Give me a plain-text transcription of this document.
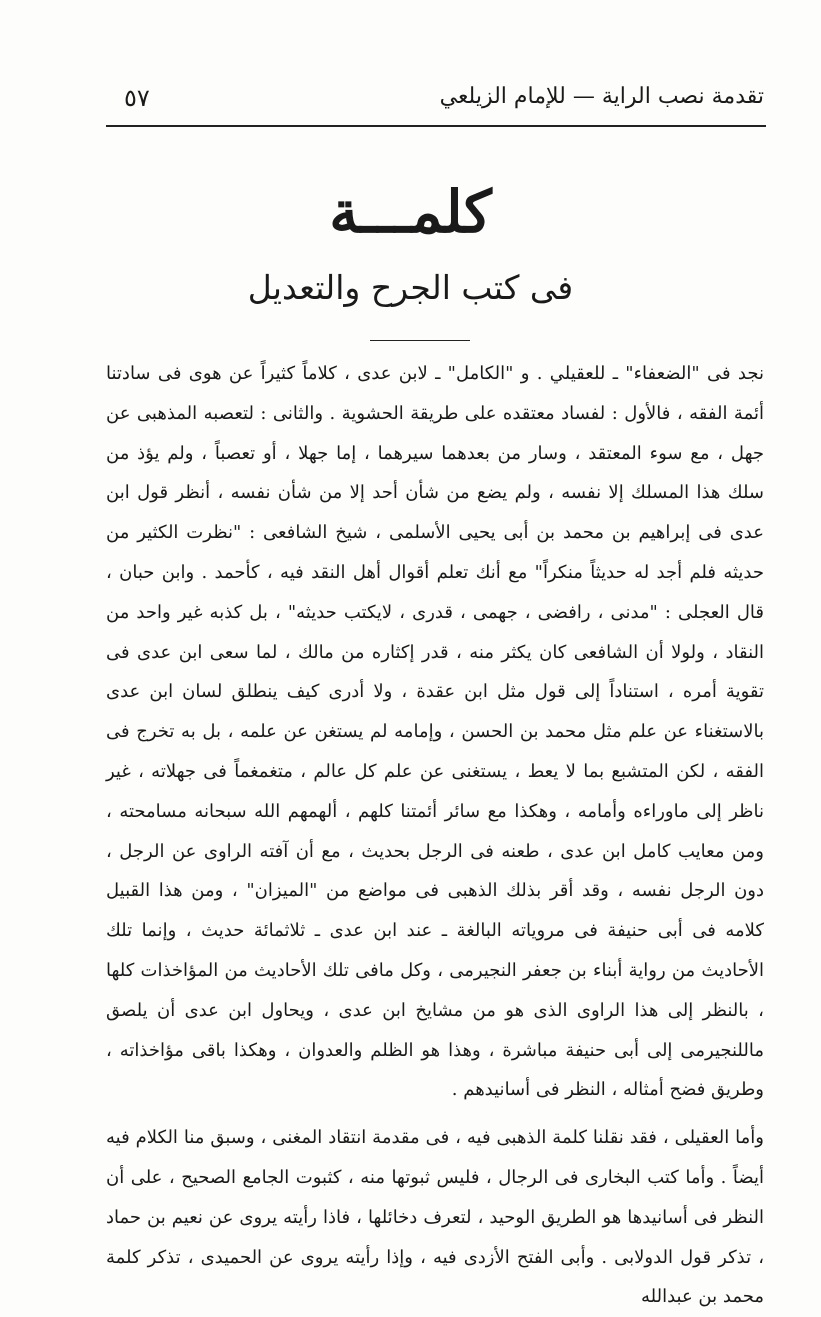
تقدمة نصب الراية — للإمام الزيلعي
٥٧
كلمـــة
فى كتب الجرح والتعديل

نجد فى "الضعفاء" ـ للعقيلي . و "الكامل" ـ لابن عدى ، كلاماً كثيراً عن هوى فى سادتنا أئمة الفقه ، فالأول : لفساد معتقده على طريقة الحشوية . والثانى : لتعصبه المذهبى عن جهل ، مع سوء المعتقد ، وسار من بعدهما سيرهما ، إما جهلا ، أو تعصباً ، ولم يؤذ من سلك هذا المسلك إلا نفسه ، ولم يضع من شأن أحد إلا من شأن نفسه ، أنظر قول ابن عدى فى إبراهيم بن محمد بن أبى يحيى الأسلمى ، شيخ الشافعى : "نظرت الكثير من حديثه فلم أجد له حديثاً منكراً" مع أنك تعلم أقوال أهل النقد فيه ، كأحمد . وابن حبان ، قال العجلى : "مدنى ، رافضى ، جهمى ، قدرى ، لايكتب حديثه" ، بل كذبه غير واحد من النقاد ، ولولا أن الشافعى كان يكثر منه ، قدر إكثاره من مالك ، لما سعى ابن عدى فى تقوية أمره ، استناداً إلى قول مثل ابن عقدة ، ولا أدرى كيف ينطلق لسان ابن عدى بالاستغناء عن علم مثل محمد بن الحسن ، وإمامه لم يستغن عن علمه ، بل به تخرج فى الفقه ، لكن المتشبع بما لا يعط ، يستغنى عن علم كل عالم ، متغمغماً فى جهلاته ، غير ناظر إلى ماوراءه وأمامه ، وهكذا مع سائر أئمتنا كلهم ، ألهمهم الله سبحانه مسامحته ، ومن معايب كامل ابن عدى ، طعنه فى الرجل بحديث ، مع أن آفته الراوى عن الرجل ، دون الرجل نفسه ، وقد أقر بذلك الذهبى فى مواضع من "الميزان" ، ومن هذا القبيل كلامه فى أبى حنيفة فى مروياته البالغة ـ عند ابن عدى ـ ثلاثمائة حديث ، وإنما تلك الأحاديث من رواية أبناء بن جعفر النجيرمى ، وكل مافى تلك الأحاديث من المؤاخذات كلها ، بالنظر إلى هذا الراوى الذى هو من مشايخ ابن عدى ، ويحاول ابن عدى أن يلصق ماللنجيرمى إلى أبى حنيفة مباشرة ، وهذا هو الظلم والعدوان ، وهكذا باقى مؤاخذاته ، وطريق فضح أمثاله ، النظر فى أسانيدهم .

وأما العقيلى ، فقد نقلنا كلمة الذهبى فيه ، فى مقدمة انتقاد المغنى ، وسبق منا الكلام فيه أيضاً . وأما كتب البخارى فى الرجال ، فليس ثبوتها منه ، كثبوت الجامع الصحيح ، على أن النظر فى أسانيدها هو الطريق الوحيد ، لتعرف دخائلها ، فاذا رأيته يروى عن نعيم بن حماد ، تذكر قول الدولابى . وأبى الفتح الأزدى فيه ، وإذا رأيته يروى عن الحميدى ، تذكر كلمة محمد بن عبدالله
